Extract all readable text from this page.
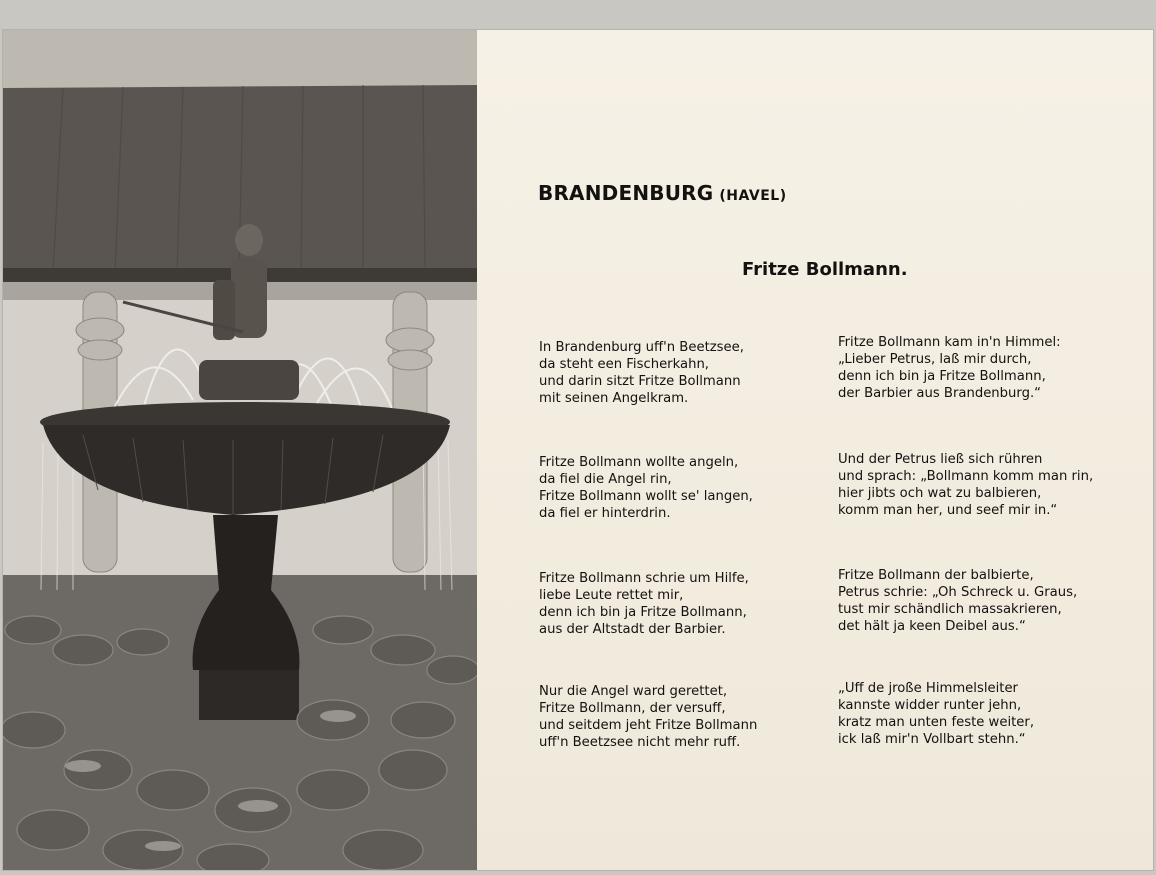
BRANDENBURG (HAVEL)
Fritze Bollmann.

In Brandenburg uff'n Beetzsee,
da steht een Fischerkahn,
und darin sitzt Fritze Bollmann
mit seinen Angelkram.

Fritze Bollmann wollte angeln,
da fiel die Angel rin,
Fritze Bollmann wollt se' langen,
da fiel er hinterdrin.

Fritze Bollmann schrie um Hilfe,
liebe Leute rettet mir,
denn ich bin ja Fritze Bollmann,
aus der Altstadt der Barbier.

Nur die Angel ward gerettet,
Fritze Bollmann, der versuff,
und seitdem jeht Fritze Bollmann
uff'n Beetzsee nicht mehr ruff.

Fritze Bollmann kam in'n Himmel:
„Lieber Petrus, laß mir durch,
denn ich bin ja Fritze Bollmann,
der Barbier aus Brandenburg.“

Und der Petrus ließ sich rühren
und sprach: „Bollmann komm man rin,
hier jibts och wat zu balbieren,
komm man her, und seef mir in.“

Fritze Bollmann der balbierte,
Petrus schrie: „Oh Schreck u. Graus,
tust mir schändlich massakrieren,
det hält ja keen Deibel aus.“

„Uff de jroße Himmelsleiter
kannste widder runter jehn,
kratz man unten feste weiter,
ick laß mir'n Vollbart stehn.“
